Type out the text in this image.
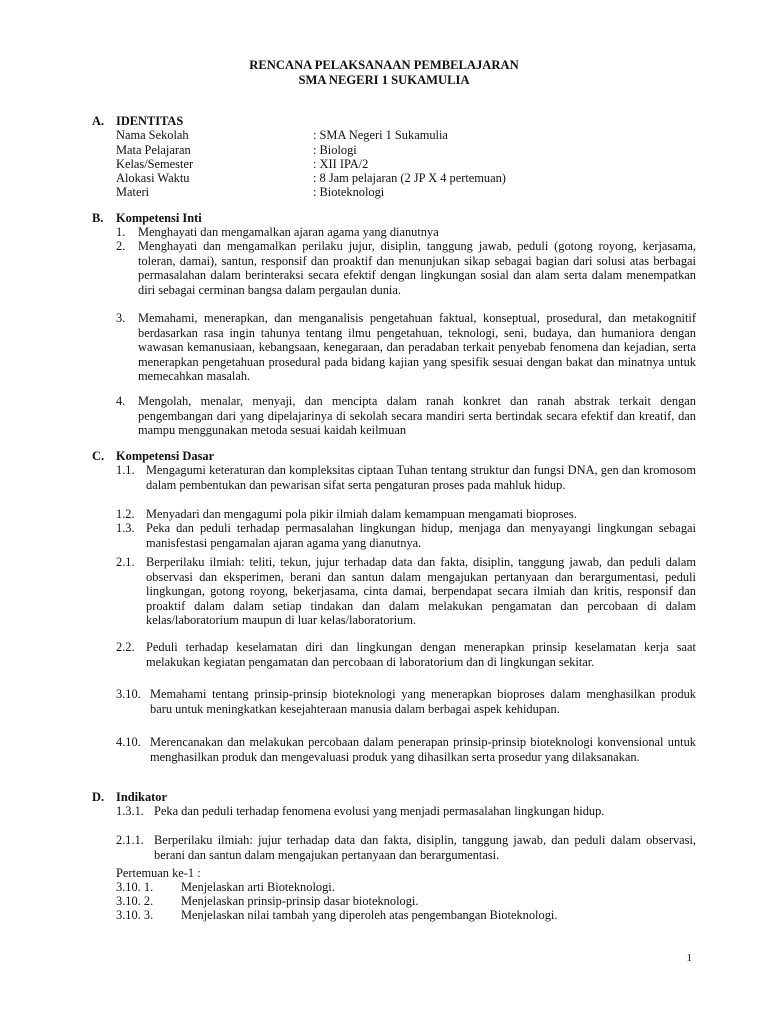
RENCANA PELAKSANAAN PEMBELAJARAN
SMA NEGERI 1 SUKAMULIA
A. IDENTITAS
Nama Sekolah	: SMA Negeri 1 Sukamulia
Mata Pelajaran	: Biologi
Kelas/Semester	: XII IPA/2
Alokasi Waktu	: 8 Jam pelajaran (2 JP X 4 pertemuan)
Materi	: Bioteknologi
B. Kompetensi Inti
1. Menghayati dan mengamalkan ajaran agama yang dianutnya
2. Menghayati dan mengamalkan perilaku jujur, disiplin, tanggung jawab, peduli (gotong royong, kerjasama, toleran, damai), santun, responsif dan proaktif dan menunjukan sikap sebagai bagian dari solusi atas berbagai permasalahan dalam berinteraksi secara efektif dengan lingkungan sosial dan alam serta dalam menempatkan diri sebagai cerminan bangsa dalam pergaulan dunia.
3. Memahami, menerapkan, dan menganalisis pengetahuan faktual, konseptual, prosedural, dan metakognitif berdasarkan rasa ingin tahunya tentang ilmu pengetahuan, teknologi, seni, budaya, dan humaniora dengan wawasan kemanusiaan, kebangsaan, kenegaraan, dan peradaban terkait penyebab fenomena dan kejadian, serta menerapkan pengetahuan prosedural pada bidang kajian yang spesifik sesuai dengan bakat dan minatnya untuk memecahkan masalah.
4. Mengolah, menalar, menyaji, dan mencipta dalam ranah konkret dan ranah abstrak terkait dengan pengembangan dari yang dipelajarinya di sekolah secara mandiri serta bertindak secara efektif dan kreatif, dan mampu menggunakan metoda sesuai kaidah keilmuan
C. Kompetensi Dasar
1.1. Mengagumi keteraturan dan kompleksitas ciptaan Tuhan tentang struktur dan fungsi DNA, gen dan kromosom dalam pembentukan dan pewarisan sifat serta pengaturan proses pada mahluk hidup.
1.2. Menyadari dan mengagumi pola pikir ilmiah dalam kemampuan mengamati bioproses.
1.3. Peka dan peduli terhadap permasalahan lingkungan hidup, menjaga dan menyayangi lingkungan sebagai manisfestasi pengamalan ajaran agama yang dianutnya.
2.1. Berperilaku ilmiah: teliti, tekun, jujur terhadap data dan fakta, disiplin, tanggung jawab, dan peduli dalam observasi dan eksperimen, berani dan santun dalam mengajukan pertanyaan dan berargumentasi, peduli lingkungan, gotong royong, bekerjasama, cinta damai, berpendapat secara ilmiah dan kritis, responsif dan proaktif dalam dalam setiap tindakan dan dalam melakukan pengamatan dan percobaan di dalam kelas/laboratorium maupun di luar kelas/laboratorium.
2.2. Peduli terhadap keselamatan diri dan lingkungan dengan menerapkan prinsip keselamatan kerja saat melakukan kegiatan pengamatan dan percobaan di laboratorium dan di lingkungan sekitar.
3.10. Memahami tentang prinsip-prinsip bioteknologi yang menerapkan bioproses dalam menghasilkan produk baru untuk meningkatkan kesejahteraan manusia dalam berbagai aspek kehidupan.
4.10. Merencanakan dan melakukan percobaan dalam penerapan prinsip-prinsip bioteknologi konvensional untuk menghasilkan produk dan mengevaluasi produk yang dihasilkan serta prosedur yang dilaksanakan.
D. Indikator
1.3.1. Peka dan peduli terhadap fenomena evolusi yang menjadi permasalahan lingkungan hidup.
2.1.1. Berperilaku ilmiah: jujur terhadap data dan fakta, disiplin, tanggung jawab, dan peduli dalam observasi, berani dan santun dalam mengajukan pertanyaan dan berargumentasi.
Pertemuan ke-1 :
3.10. 1. Menjelaskan arti Bioteknologi.
3.10. 2. Menjelaskan prinsip-prinsip dasar bioteknologi.
3.10. 3. Menjelaskan nilai tambah yang diperoleh atas pengembangan Bioteknologi.
1
